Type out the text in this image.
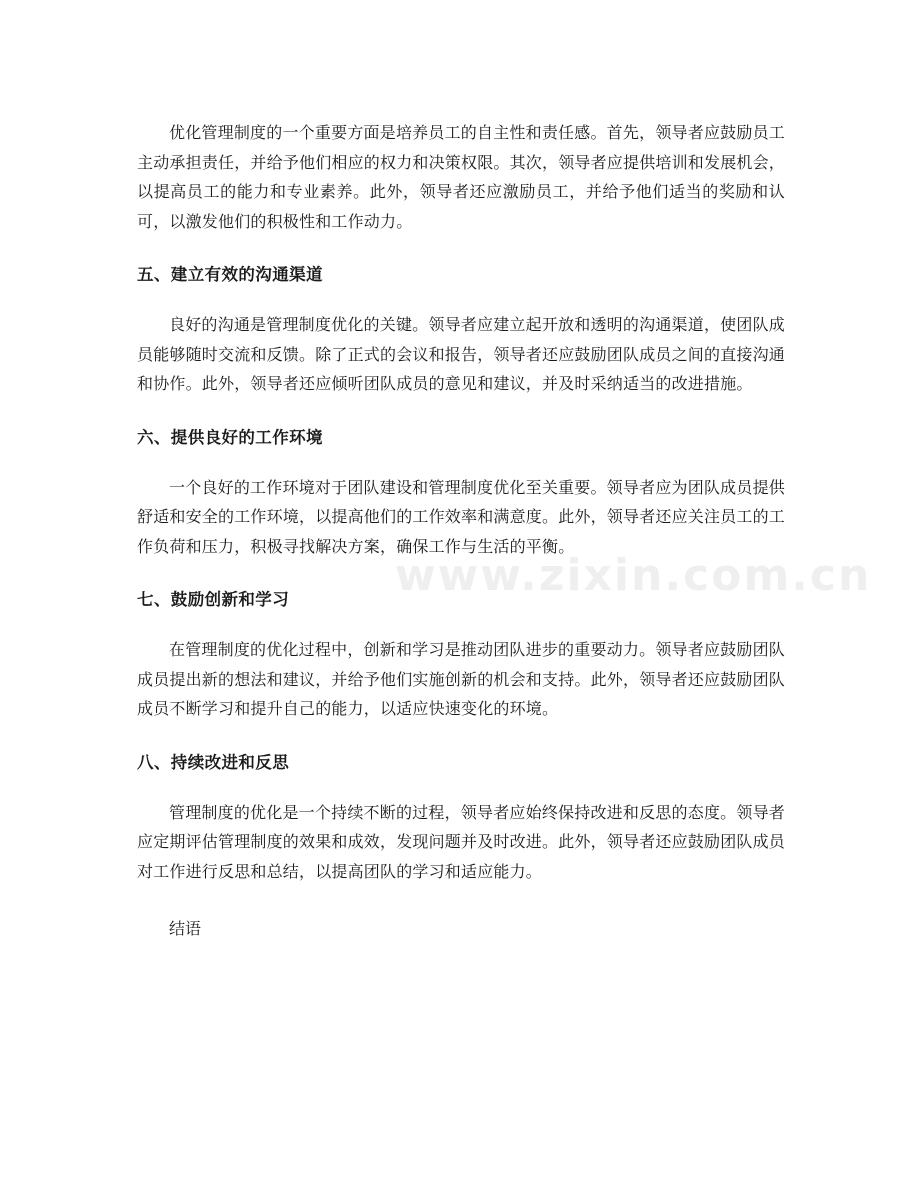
优化管理制度的一个重要方面是培养员工的自主性和责任感。首先，领导者应鼓励员工主动承担责任，并给予他们相应的权力和决策权限。其次，领导者应提供培训和发展机会，以提高员工的能力和专业素养。此外，领导者还应激励员工，并给予他们适当的奖励和认可，以激发他们的积极性和工作动力。

五、建立有效的沟通渠道

良好的沟通是管理制度优化的关键。领导者应建立起开放和透明的沟通渠道，使团队成员能够随时交流和反馈。除了正式的会议和报告，领导者还应鼓励团队成员之间的直接沟通和协作。此外，领导者还应倾听团队成员的意见和建议，并及时采纳适当的改进措施。

六、提供良好的工作环境

一个良好的工作环境对于团队建设和管理制度优化至关重要。领导者应为团队成员提供舒适和安全的工作环境，以提高他们的工作效率和满意度。此外，领导者还应关注员工的工作负荷和压力，积极寻找解决方案，确保工作与生活的平衡。

七、鼓励创新和学习

在管理制度的优化过程中，创新和学习是推动团队进步的重要动力。领导者应鼓励团队成员提出新的想法和建议，并给予他们实施创新的机会和支持。此外，领导者还应鼓励团队成员不断学习和提升自己的能力，以适应快速变化的环境。

八、持续改进和反思

管理制度的优化是一个持续不断的过程，领导者应始终保持改进和反思的态度。领导者应定期评估管理制度的效果和成效，发现问题并及时改进。此外，领导者还应鼓励团队成员对工作进行反思和总结，以提高团队的学习和适应能力。

结语

www.zixin.com.cn
